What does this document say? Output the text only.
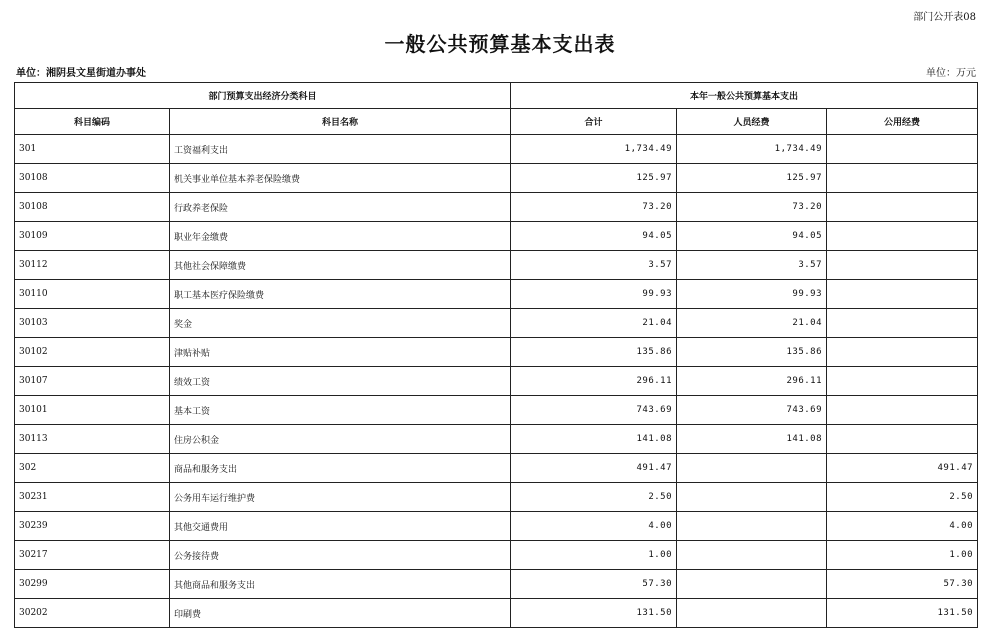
部门公开表08
一般公共预算基本支出表
单位：湘阴县文星街道办事处	单位：万元
部门预算支出经济分类科目		本年一般公共预算基本支出		
科目编码	科目名称	合计	人员经费	公用经费
301	工资福利支出	1,734.49	1,734.49	
30108	机关事业单位基本养老保险缴费	125.97	125.97	
30108	行政养老保险	73.20	73.20	
30109	职业年金缴费	94.05	94.05	
30112	其他社会保障缴费	3.57	3.57	
30110	职工基本医疗保险缴费	99.93	99.93	
30103	奖金	21.04	21.04	
30102	津贴补贴	135.86	135.86	
30107	绩效工资	296.11	296.11	
30101	基本工资	743.69	743.69	
30113	住房公积金	141.08	141.08	
302	商品和服务支出	491.47		491.47
30231	公务用车运行维护费	2.50		2.50
30239	其他交通费用	4.00		4.00
30217	公务接待费	1.00		1.00
30299	其他商品和服务支出	57.30		57.30
30202	印刷费	131.50		131.50
